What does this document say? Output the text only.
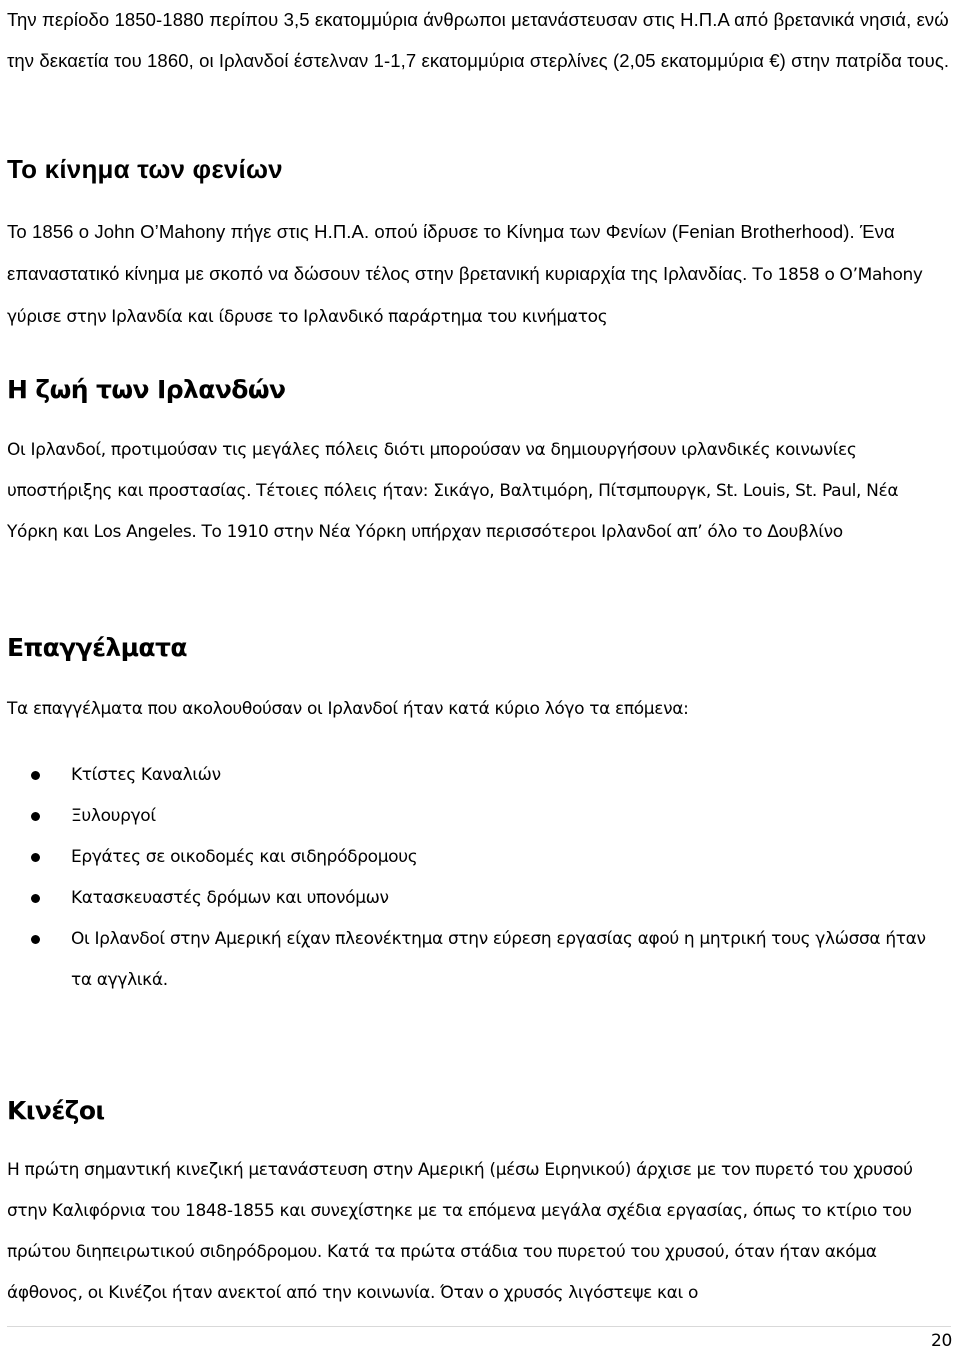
Την περίοδο 1850-1880 περίπου 3,5 εκατομμύρια άνθρωποι μετανάστευσαν στις Η.Π.Α από βρετανικά νησιά, ενώ την δεκαετία του 1860, οι Ιρλανδοί έστελναν 1-1,7 εκατομμύρια στερλίνες (2,05 εκατομμύρια €) στην πατρίδα τους.

Το κίνημα των φενίων

Το 1856 ο John O’Mahony πήγε στις Η.Π.Α. οπού ίδρυσε το Κίνημα των Φενίων (Fenian Brotherhood). Ένα επαναστατικό κίνημα με σκοπό να δώσουν τέλος στην βρετανική κυριαρχία της Ιρλανδίας. Το 1858 ο O’Mahony γύρισε στην Ιρλανδία και ίδρυσε το Ιρλανδικό παράρτημα του κινήματος

Η ζωή των Ιρλανδών

Οι Ιρλανδοί, προτιμούσαν τις μεγάλες πόλεις διότι μπορούσαν να δημιουργήσουν ιρλανδικές κοινωνίες υποστήριξης και προστασίας. Τέτοιες πόλεις ήταν: Σικάγο, Βαλτιμόρη, Πίτσμπουργκ, St. Louis, St. Paul, Νέα Υόρκη και Los Angeles. Το 1910 στην Νέα Υόρκη υπήρχαν περισσότεροι Ιρλανδοί απ’ όλο το Δουβλίνο

Επαγγέλματα

Τα επαγγέλματα που ακολουθούσαν οι Ιρλανδοί ήταν κατά κύριο λόγο τα επόμενα:

Κτίστες Καναλιών
Ξυλουργοί
Εργάτες σε οικοδομές και σιδηρόδρομους
Κατασκευαστές δρόμων και υπονόμων
Οι Ιρλανδοί στην Αμερική είχαν πλεονέκτημα στην εύρεση εργασίας αφού η μητρική τους γλώσσα ήταν τα αγγλικά.
Κινέζοι

Η πρώτη σημαντική κινεζική μετανάστευση στην Αμερική (μέσω Ειρηνικού) άρχισε με τον πυρετό του χρυσού στην Καλιφόρνια του 1848-1855 και συνεχίστηκε με τα επόμενα μεγάλα σχέδια εργασίας, όπως το κτίριο του πρώτου διηπειρωτικού σιδηρόδρομου. Κατά τα πρώτα στάδια του πυρετού του χρυσού, όταν ήταν ακόμα άφθονος, οι Κινέζοι ήταν ανεκτοί από την κοινωνία. Όταν ο χρυσός λιγόστεψε και ο

20
